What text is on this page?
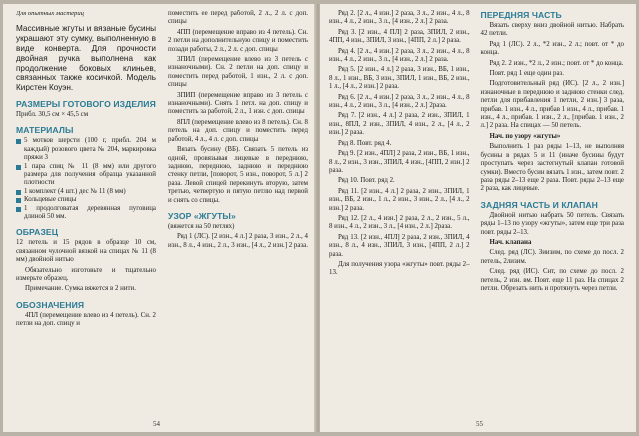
Для опытных мастериц

Массивные жгуты и вязаные бусины украшают эту сумку, выполненную в виде конверта. Для прочности двойная ручка выполнена как продолжение боковых клиньев, связанных также косичкой. Модель Кирстен Коуэн.

РАЗМЕРЫ ГОТОВОГО ИЗДЕЛИЯ

Прибл. 30,5 см × 45,5 см

МАТЕРИАЛЫ
5 мотков шерсти (100 г, прибл. 204 м каждый) розового цвета № 204, маркировка пряжи 3
1 пара спиц № 11 (8 мм) или другого размера для получения образца указанной плотности
1 комплект (4 шт.) дес № 11 (8 мм)
Кольцевые спицы
1 продолговатая деревянная пуговица длиной 50 мм.
ОБРАЗЕЦ

12 петель и 15 рядов в образце 10 см, связанном чулочной вязкой на спицах № 11 (8 мм) двойной нитью

Обязательно изготовьте и тщательно измерьте образец.

Примечание. Сумка вяжется в 2 нити.

ОБОЗНАЧЕНИЯ

4ПЛ (перемещение влево из 4 петель). Сн. 2 петли на доп. спицу и

поместить ее перед работой, 2 л., 2 л. с доп. спицы

4ПП (перемещение вправо из 4 петель). Сн. 2 петли на дополнительную спицу и поместить позади работы, 2 л., 2 л. с доп. спицы

3ПИЛ (перемещение влево из 3 петель с изнаночными). Сн. 2 петли на доп. спицу и поместить перед работой, 1 изн., 2 л. с доп. спицы

3ПИП (перемещение вправо из 3 петель с изнаночными). Снять 1 петл. на доп. спицу и поместить за работой, 2 л., 1 изн. с доп. спицы

8ПЛ (перемещение влево из 8 петель). Сн. 8 петель на доп. спицу и поместить перед работой, 4 л., 4 л. с доп. спицы

Вязать бусину (ВБ). Связать 5 петель из одной, провязывая лицевые в переднюю, заднюю, переднюю, заднюю и переднюю стенку петли, [поворот, 5 изн., поворот, 5 л.] 2 раза. Левой спицей перекинуть вторую, затем третью, четвертую и пятую петлю над первой и снять со спицы.

УЗОР «ЖГУТЫ»

(вяжется на 50 петлях)

Ряд 1 (ЛС). [2 изн., 4 л.] 2 раза, 3 изн., 2 л., 4 изн., 8 л., 4 изн., 2 л., 3 изн., [4 л., 2 изн.] 2 раза.

54

Ряд 2. [2 л., 4 изн.] 2 раза, 3 л., 2 изн., 4 л., 8 изн., 4 л., 2 изн., 3 л., [4 изн., 2 л.] 2 раза.

Ряд 3. [2 изн., 4 ПЛ] 2 раза, 3ПИЛ, 2 изн., 4ПП, 4 изн., 3ПИЛ, 3 изн., [4ПП, 2 л.] 2 раза.

Ряд 4. [2 л., 4 изн.] 2 раза, 3 л., 2 изн., 4 л., 8 изн., 4 л., 2 изн., 3 л., [4 изн., 2 л.] 2 раза.

Ряд 5. [2 изн., 4 л.] 2 раза, 3 изн., ВБ, 1 изн., 8 л., 1 изн., ВБ, 3 изн., 3ПИЛ, 1 изн., ВБ, 2 изн., 1 л., [4 л., 2 изн.] 2 раза.

Ряд 6. [2 л., 4 изн.] 2 раза, 3 л., 2 изн., 4 л., 8 изн., 4 л., 2 изн., 3 л., [4 изн., 2 л.] 2раза.

Ряд 7. [2 изн., 4 л.] 2 раза, 2 изн., 3ПИЛ, 1 изн., 8ПЛ, 2 изн., 3ПИЛ, 4 изн., 2 л., [4 л., 2 изн.] 2 раза.

Ряд 8. Повт. ряд 4.

Ряд 9. [2 изн., 4ПЛ] 2 раза, 2 изн., ВБ, 1 изн., 8 л., 2 изн., 3 изн., 3ПИЛ, 4 изн., [4ПП, 2 изн.] 2 раза.

Ряд 10. Повт. ряд 2.

Ряд 11. [2 изн., 4 л.] 2 раза, 2 изн., 3ПИЛ, 1 изн., ВБ, 2 изн., 1 л., 2 изн., 3 изн., 2 л., [4 л., 2 изн.] 2 раза.

Ряд 12. [2 л., 4 изн.] 2 раза, 2 л., 2 изн., 5 л., 8 изн., 4 л., 2 изн., 3 л., [4 изн., 2 л.] 2раза.

Ряд 13. [2 изн., 4ПЛ] 2 раза, 2 изн., 3ПИЛ, 4 изн., 8 л., 4 изн., 3ПИЛ, 3 изн., [4ПП, 2 л.] 2 раза.

Для получения узора «жгуты» повт. ряды 2–13.

ПЕРЕДНЯЯ ЧАСТЬ

Вязать сверху вниз двойной нитью. Набрать 42 петли.

Ряд 1 (ЛС). 2 л., *2 изн., 2 л.; повт. от * до конца.

Ряд 2. 2 изн., *2 л., 2 изн.; повт. от * до конца.

Повт. ряд 1 еще один раз.

Подготовительный ряд (ИС). [2 л., 2 изн.] изнаночные в переднюю и заднюю стенки след. петли для прибавления 1 петли, 2 изн.] 3 раза, прибав. 1 изн., 4 л., прибав 1 изн., 4 л., прибав. 1 изн., 4 л., прибав. 1 изн., 2 л., [прибав. 1 изн., 2 л.] 2 раза. На спицах — 50 петель.

Нач. по узору «жгуты»

Выполнить 1 раз ряды 1–13, не выполняя бусины в рядах 5 и 11 (иначе бусины будут проступать через застегнутый клапан готовой сумки). Вместо бусин вязать 1 изн., затем повт. 2 раза ряды 2–13 еще 2 раза. Повт. ряды 2–13 еще 2 раза, как лицевые.

ЗАДНЯЯ ЧАСТЬ И КЛАПАН

Двойной нитью набрать 50 петель. Связать ряды 1–13 по узору «жгуты», затем еще три раза повт. ряды 2–13.

Нач. клапана

След. ряд (ЛС). Зиизим, по схеме до посл. 2 петель, 2лизим.

След. ряд (ИС). Снт, по схеме до посл. 2 петель, 2 изн. вм. Повт. еще 11 раз. На спицах 2 петли. Обрезать нить и протянуть через петли.

55
